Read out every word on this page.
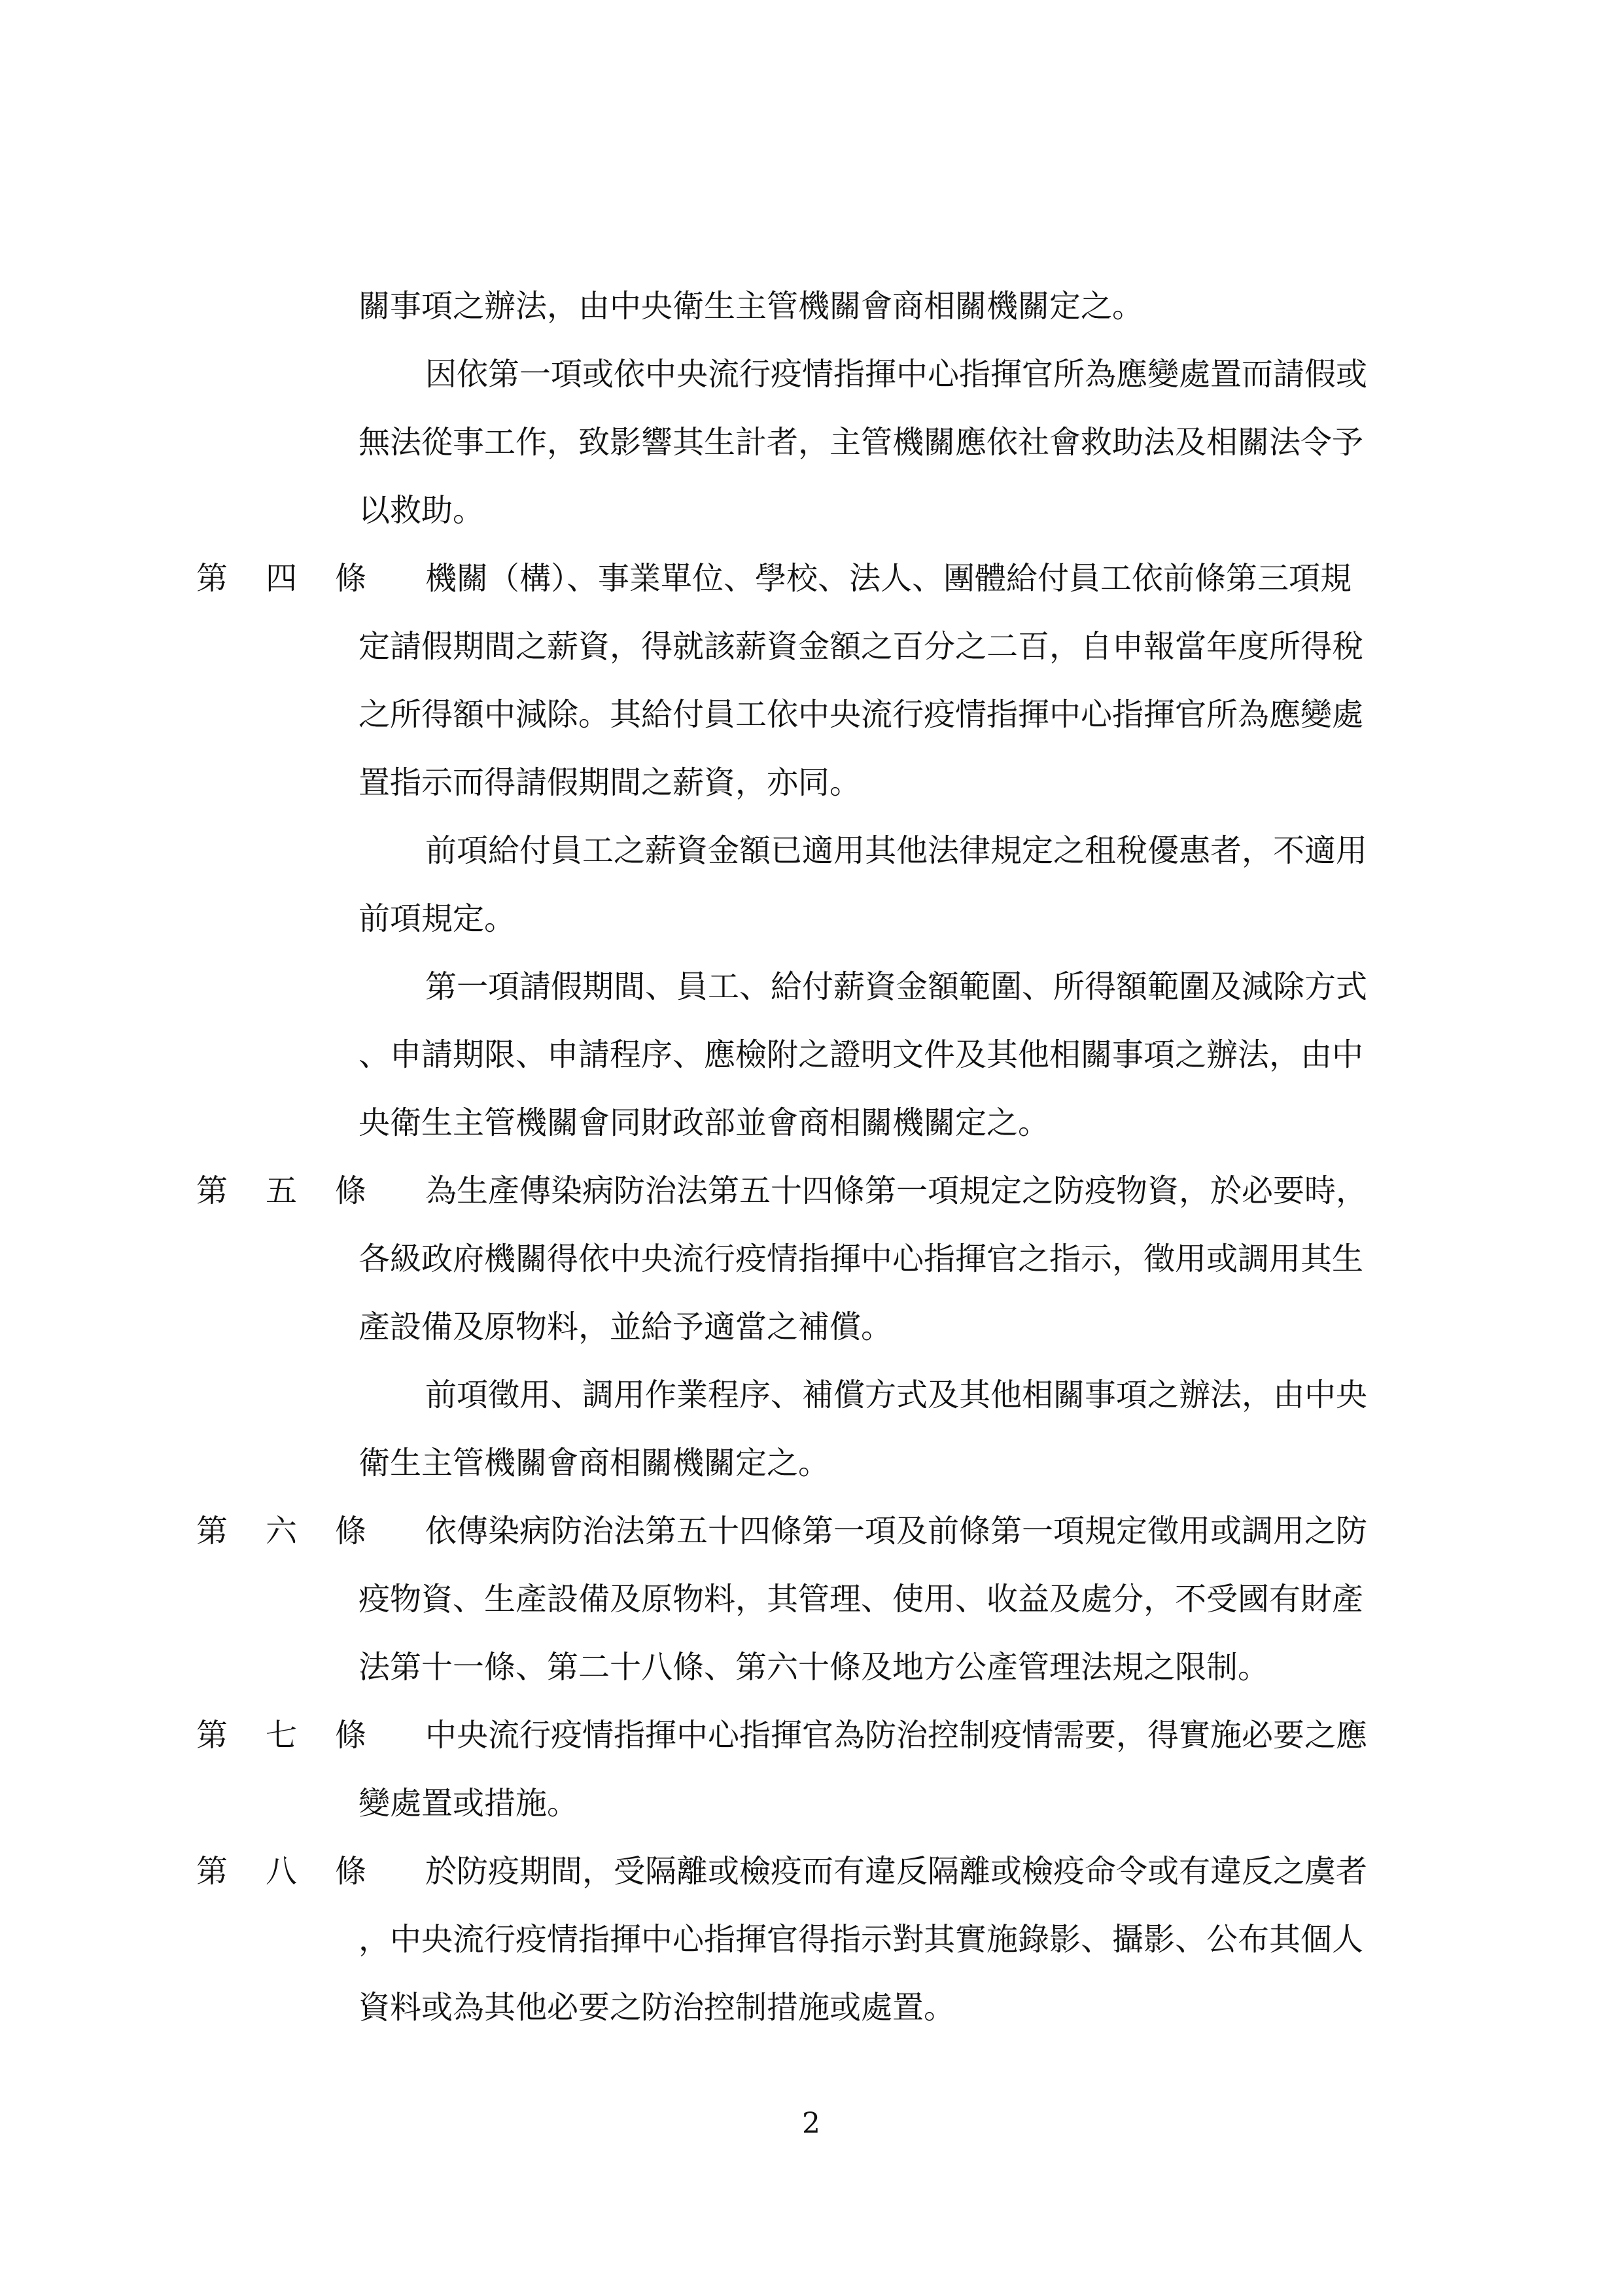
關事項之辦法，由中央衛生主管機關會商相關機關定之。
因依第一項或依中央流行疫情指揮中心指揮官所為應變處置而請假或
無法從事工作，致影響其生計者，主管機關應依社會救助法及相關法令予
以救助。
第 四 條 機關（構）、事業單位、學校、法人、團體給付員工依前條第三項規
定請假期間之薪資，得就該薪資金額之百分之二百，自申報當年度所得稅
之所得額中減除。其給付員工依中央流行疫情指揮中心指揮官所為應變處
置指示而得請假期間之薪資，亦同。
前項給付員工之薪資金額已適用其他法律規定之租稅優惠者，不適用
前項規定。
第一項請假期間、員工、給付薪資金額範圍、所得額範圍及減除方式
、申請期限、申請程序、應檢附之證明文件及其他相關事項之辦法，由中
央衛生主管機關會同財政部並會商相關機關定之。
第 五 條 為生產傳染病防治法第五十四條第一項規定之防疫物資，於必要時，
各級政府機關得依中央流行疫情指揮中心指揮官之指示，徵用或調用其生
產設備及原物料，並給予適當之補償。
前項徵用、調用作業程序、補償方式及其他相關事項之辦法，由中央
衛生主管機關會商相關機關定之。
第 六 條 依傳染病防治法第五十四條第一項及前條第一項規定徵用或調用之防
疫物資、生產設備及原物料，其管理、使用、收益及處分，不受國有財產
法第十一條、第二十八條、第六十條及地方公產管理法規之限制。
第 七 條 中央流行疫情指揮中心指揮官為防治控制疫情需要，得實施必要之應
變處置或措施。
第 八 條 於防疫期間，受隔離或檢疫而有違反隔離或檢疫命令或有違反之虞者
，中央流行疫情指揮中心指揮官得指示對其實施錄影、攝影、公布其個人
資料或為其他必要之防治控制措施或處置。
2
